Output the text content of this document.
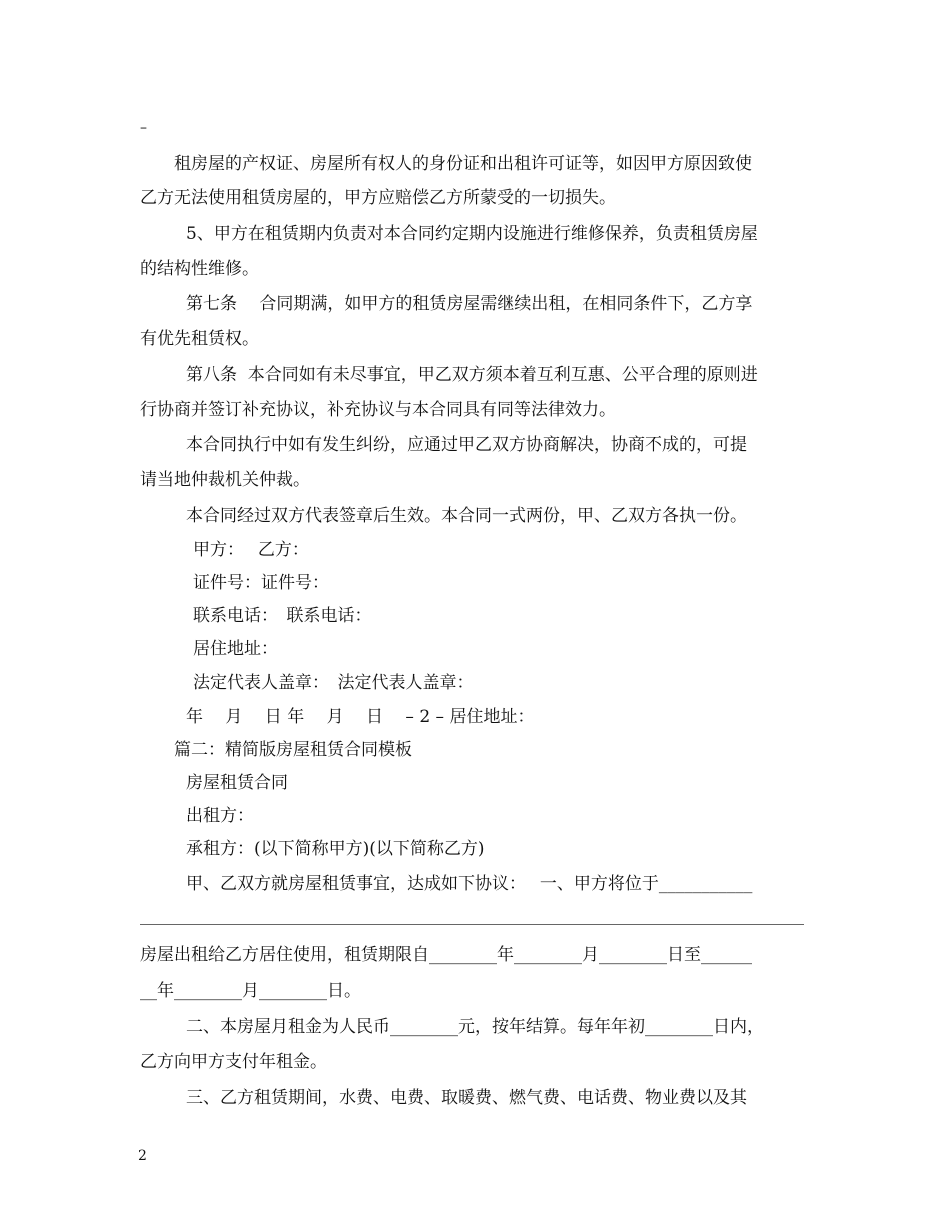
–
租房屋的产权证、房屋所有权人的身份证和出租许可证等，如因甲方原因致使
乙方无法使用租赁房屋的，甲方应赔偿乙方所蒙受的一切损失。
5、甲方在租赁期内负责对本合同约定期内设施进行维修保养，负责租赁房屋
的结构性维修。
第七条　 合同期满，如甲方的租赁房屋需继续出租，在相同条件下，乙方享
有优先租赁权。
第八条  本合同如有未尽事宜，甲乙双方须本着互利互惠、公平合理的原则进
行协商并签订补充协议，补充协议与本合同具有同等法律效力。
本合同执行中如有发生纠纷，应通过甲乙双方协商解决，协商不成的，可提
请当地仲裁机关仲裁。
本合同经过双方代表签章后生效。本合同一式两份，甲、乙双方各执一份。
甲方：　 乙方：
证件号：证件号：
联系电话：　联系电话：
居住地址：
法定代表人盖章：　法定代表人盖章：
年　 月　 日 年　 月　 日　 – 2 – 居住地址：
篇二：精简版房屋租赁合同模板
房屋租赁合同
出租方：
承租方：(以下简称甲方)(以下简称乙方)
甲、乙双方就房屋租赁事宜，达成如下协议：　 一、甲方将位于___________
房屋出租给乙方居住使用，租赁期限自________年________月________日至______
__年________月________日。
二、本房屋月租金为人民币________元，按年结算。每年年初________日内，
乙方向甲方支付年租金。
三、乙方租赁期间，水费、电费、取暖费、燃气费、电话费、物业费以及其
2
